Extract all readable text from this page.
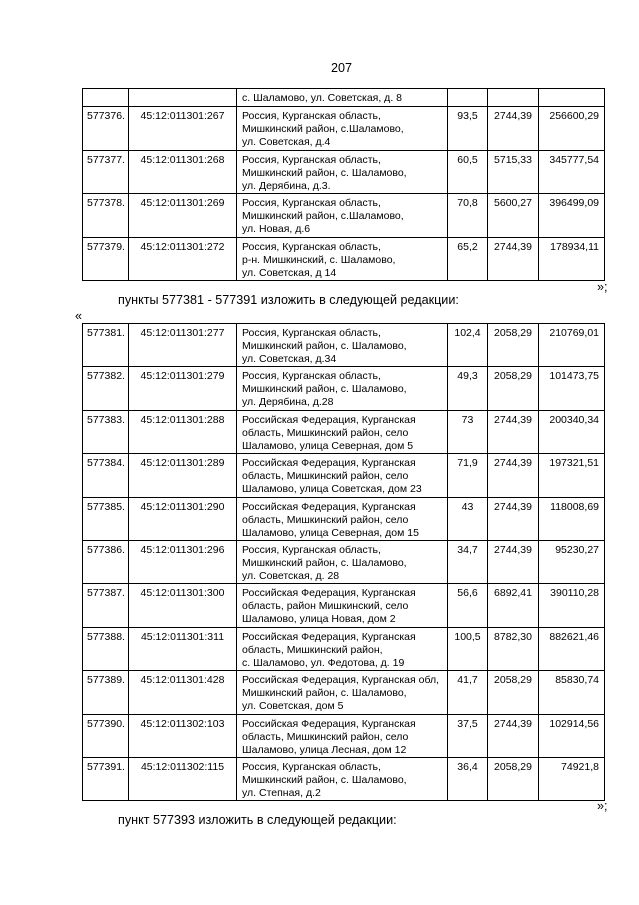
207

		с. Шаламово, ул. Советская, д. 8			

577376.	45:12:011301:267	Россия, Курганская область,
Мишкинский район, с.Шаламово,
ул. Советская, д.4	93,5	2744,39	256600,29
577377.	45:12:011301:268	Россия, Курганская область,
Мишкинский район, с. Шаламово,
ул. Дерябина, д.3.	60,5	5715,33	345777,54
577378.	45:12:011301:269	Россия, Курганская область,
Мишкинский район, с.Шаламово,
ул. Новая, д.6	70,8	5600,27	396499,09
577379.	45:12:011301:272	Россия, Курганская область,
р-н. Мишкинский, с. Шаламово,
ул. Советская, д 14	65,2	2744,39	178934,11
»;
пункты 577381 - 577391 изложить в следующей редакции:
«
577381.	45:12:011301:277	Россия, Курганская область,
Мишкинский район, с. Шаламово,
ул. Советская, д.34	102,4	2058,29	210769,01
577382.	45:12:011301:279	Россия, Курганская область,
Мишкинский район, с. Шаламово,
ул. Дерябина, д.28	49,3	2058,29	101473,75
577383.	45:12:011301:288	Российская Федерация, Курганская
область, Мишкинский район, село
Шаламово, улица Северная, дом 5	73	2744,39	200340,34
577384.	45:12:011301:289	Российская Федерация, Курганская
область, Мишкинский район, село
Шаламово, улица Советская, дом 23	71,9	2744,39	197321,51
577385.	45:12:011301:290	Российская Федерация, Курганская
область, Мишкинский район, село
Шаламово, улица Северная, дом 15	43	2744,39	118008,69
577386.	45:12:011301:296	Россия, Курганская область,
Мишкинский район, с. Шаламово,
ул. Советская, д. 28	34,7	2744,39	95230,27
577387.	45:12:011301:300	Российская Федерация, Курганская
область, район Мишкинский, село
Шаламово, улица Новая, дом 2	56,6	6892,41	390110,28
577388.	45:12:011301:311	Российская Федерация, Курганская
область, Мишкинский район,
с. Шаламово, ул. Федотова, д. 19	100,5	8782,30	882621,46
577389.	45:12:011301:428	Российская Федерация, Курганская обл,
Мишкинский район, с. Шаламово,
ул. Советская, дом 5	41,7	2058,29	85830,74
577390.	45:12:011302:103	Российская Федерация, Курганская
область, Мишкинский район, село
Шаламово, улица Лесная, дом 12	37,5	2744,39	102914,56
577391.	45:12:011302:115	Россия, Курганская область,
Мишкинский район, с. Шаламово,
ул. Степная, д.2	36,4	2058,29	74921,8
»;
пункт 577393 изложить в следующей редакции:
